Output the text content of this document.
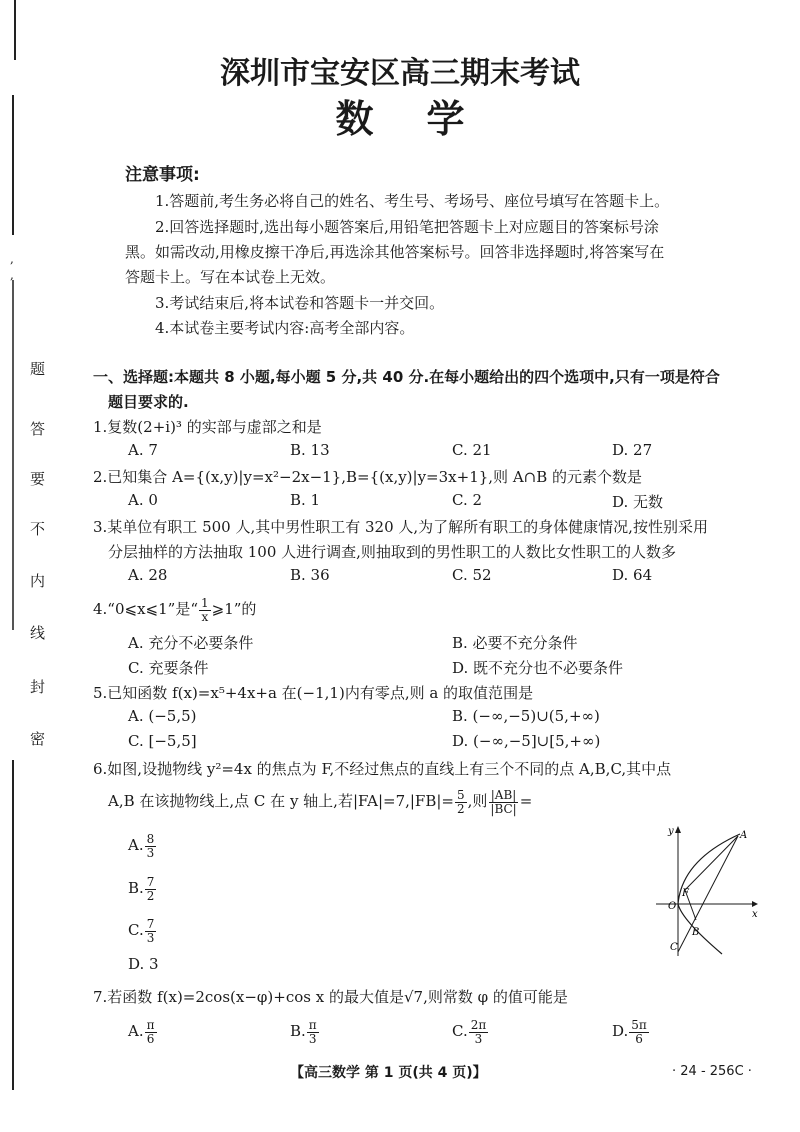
,
,
题
答
要
不
内
线
封
密
深圳市宝安区高三期末考试
数    学
注意事项:
1.答题前,考生务必将自己的姓名、考生号、考场号、座位号填写在答题卡上。
2.回答选择题时,选出每小题答案后,用铅笔把答题卡上对应题目的答案标号涂
黑。如需改动,用橡皮擦干净后,再选涂其他答案标号。回答非选择题时,将答案写在
答题卡上。写在本试卷上无效。
3.考试结束后,将本试卷和答题卡一并交回。
4.本试卷主要考试内容:高考全部内容。
一、选择题:本题共 8 小题,每小题 5 分,共 40 分.在每小题给出的四个选项中,只有一项是符合
题目要求的.
1.复数(2+i)³ 的实部与虚部之和是
A. 7	B. 13	C. 21	D. 27
2.已知集合 A={(x,y)|y=x²−2x−1},B={(x,y)|y=3x+1},则 A∩B 的元素个数是
A. 0	B. 1	C. 2	D. 无数
3.某单位有职工 500 人,其中男性职工有 320 人,为了解所有职工的身体健康情况,按性别采用
分层抽样的方法抽取 100 人进行调查,则抽取到的男性职工的人数比女性职工的人数多
A. 28	B. 36	C. 52	D. 64
4.“0⩽x⩽1”是“ $\frac{1}{x}$ ⩾1”的
A. 充分不必要条件	B. 必要不充分条件
C. 充要条件	D. 既不充分也不必要条件
5.已知函数 f(x)=x⁵+4x+a 在(−1,1)内有零点,则 a 的取值范围是
A. (−5,5)	B. (−∞,−5)∪(5,+∞)
C. [−5,5]	D. (−∞,−5]∪[5,+∞)
6.如图,设抛物线 y²=4x 的焦点为 F,不经过焦点的直线上有三个不同的点 A,B,C,其中点
A,B 在该抛物线上,点 C 在 y 轴上,若$|FA|=7,|FB|= \frac{5}{2}$ ,则 $\frac{|AB|}{|BC|}$ =
A. $\frac{8}{3}$
B. $\frac{7}{2}$
C. $\frac{7}{3}$
D. 3
y
x
A
F
O
B
C
7.若函数 f(x)=2cos(x−φ)+cos x 的最大值是√7,则常数 φ 的值可能是
A. $\frac{\pi}{6}$	B. $\frac{\pi}{3}$	C. $\frac{2\pi}{3}$	D. $\frac{5\pi}{6}$
【高三数学 第 1 页(共 4 页)】	· 24 - 256C ·
